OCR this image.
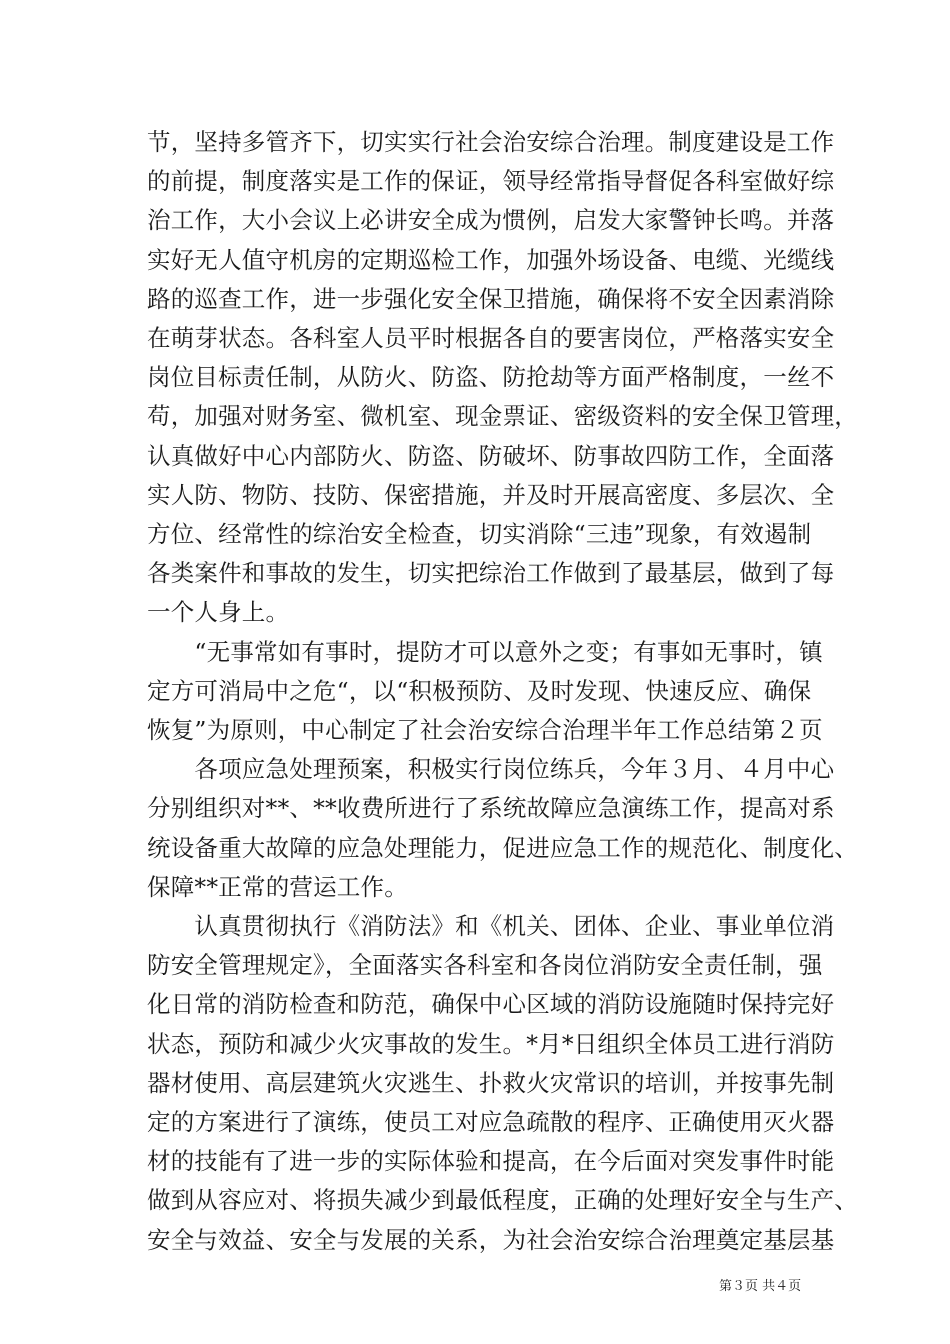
节，坚持多管齐下，切实实行社会治安综合治理。制度建设是工作
的前提，制度落实是工作的保证，领导经常指导督促各科室做好综
治工作，大小会议上必讲安全成为惯例，启发大家警钟长鸣。并落
实好无人值守机房的定期巡检工作，加强外场设备、电缆、光缆线
路的巡查工作，进一步强化安全保卫措施，确保将不安全因素消除
在萌芽状态。各科室人员平时根据各自的要害岗位，严格落实安全
岗位目标责任制，从防火、防盗、防抢劫等方面严格制度，一丝不
苟，加强对财务室、微机室、现金票证、密级资料的安全保卫管理，
认真做好中心内部防火、防盗、防破坏、防事故四防工作，全面落
实人防、物防、技防、保密措施，并及时开展高密度、多层次、全
方位、经常性的综治安全检查，切实消除“三违”现象，有效遏制
各类案件和事故的发生，切实把综治工作做到了最基层，做到了每
一个人身上。
　　“无事常如有事时，提防才可以意外之变；有事如无事时，镇
定方可消局中之危“，以“积极预防、及时发现、快速反应、确保
恢复”为原则，中心制定了社会治安综合治理半年工作总结第２页
　　各项应急处理预案，积极实行岗位练兵，今年３月、４月中心
分别组织对**、**收费所进行了系统故障应急演练工作，提高对系
统设备重大故障的应急处理能力，促进应急工作的规范化、制度化、
保障**正常的营运工作。
　　认真贯彻执行《消防法》和《机关、团体、企业、事业单位消
防安全管理规定》，全面落实各科室和各岗位消防安全责任制，强
化日常的消防检查和防范，确保中心区域的消防设施随时保持完好
状态，预防和减少火灾事故的发生。*月*日组织全体员工进行消防
器材使用、高层建筑火灾逃生、扑救火灾常识的培训，并按事先制
定的方案进行了演练，使员工对应急疏散的程序、正确使用灭火器
材的技能有了进一步的实际体验和提高，在今后面对突发事件时能
做到从容应对、将损失减少到最低程度，正确的处理好安全与生产、
安全与效益、安全与发展的关系，为社会治安综合治理奠定基层基
第３页 共４页
